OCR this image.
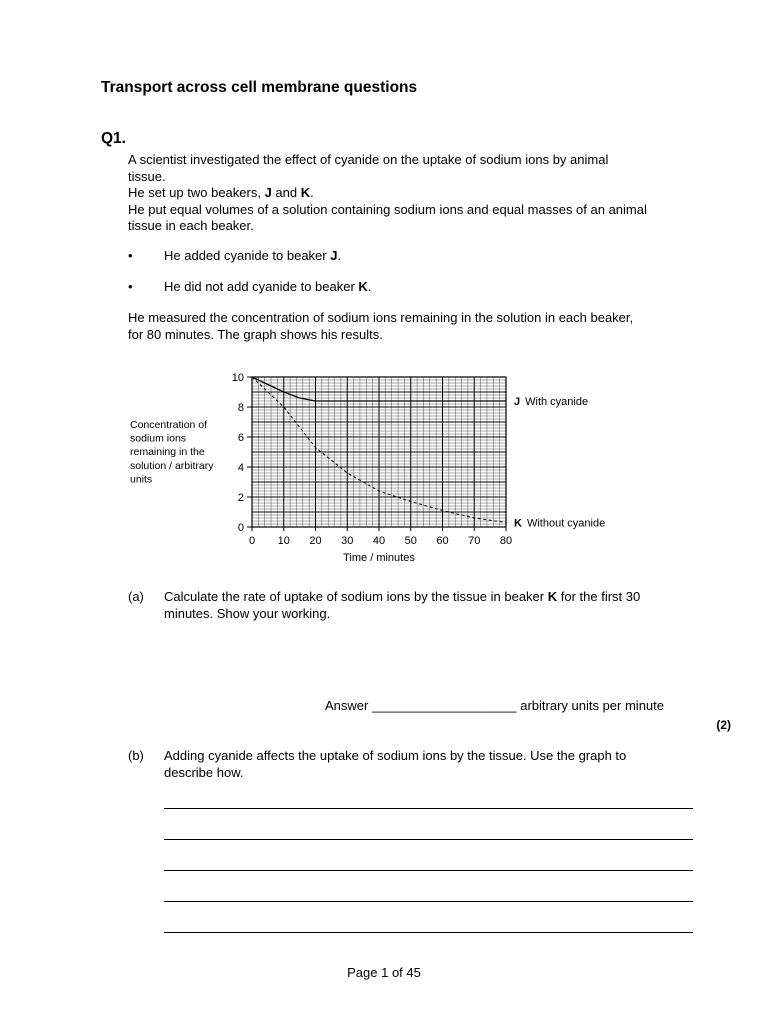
Transport across cell membrane questions
Q1.
A scientist investigated the effect of cyanide on the uptake of sodium ions by animal
tissue.
He set up two beakers, J and K.
He put equal volumes of a solution containing sodium ions and equal masses of an animal
tissue in each beaker.
• He added cyanide to beaker J.
• He did not add cyanide to beaker K.
He measured the concentration of sodium ions remaining in the solution in each beaker,
for 80 minutes. The graph shows his results.
Concentration of
sodium ions
remaining in the
solution / arbitrary
units
0
2
4
6
8
10
0 10 20 30 40 50 60 70 80
Time / minutes
J With cyanide
K Without cyanide
(a) Calculate the rate of uptake of sodium ions by the tissue in beaker K for the first 30
minutes. Show your working.
Answer ____________________ arbitrary units per minute
(2)
(b) Adding cyanide affects the uptake of sodium ions by the tissue. Use the graph to
describe how.
Page 1 of 45
